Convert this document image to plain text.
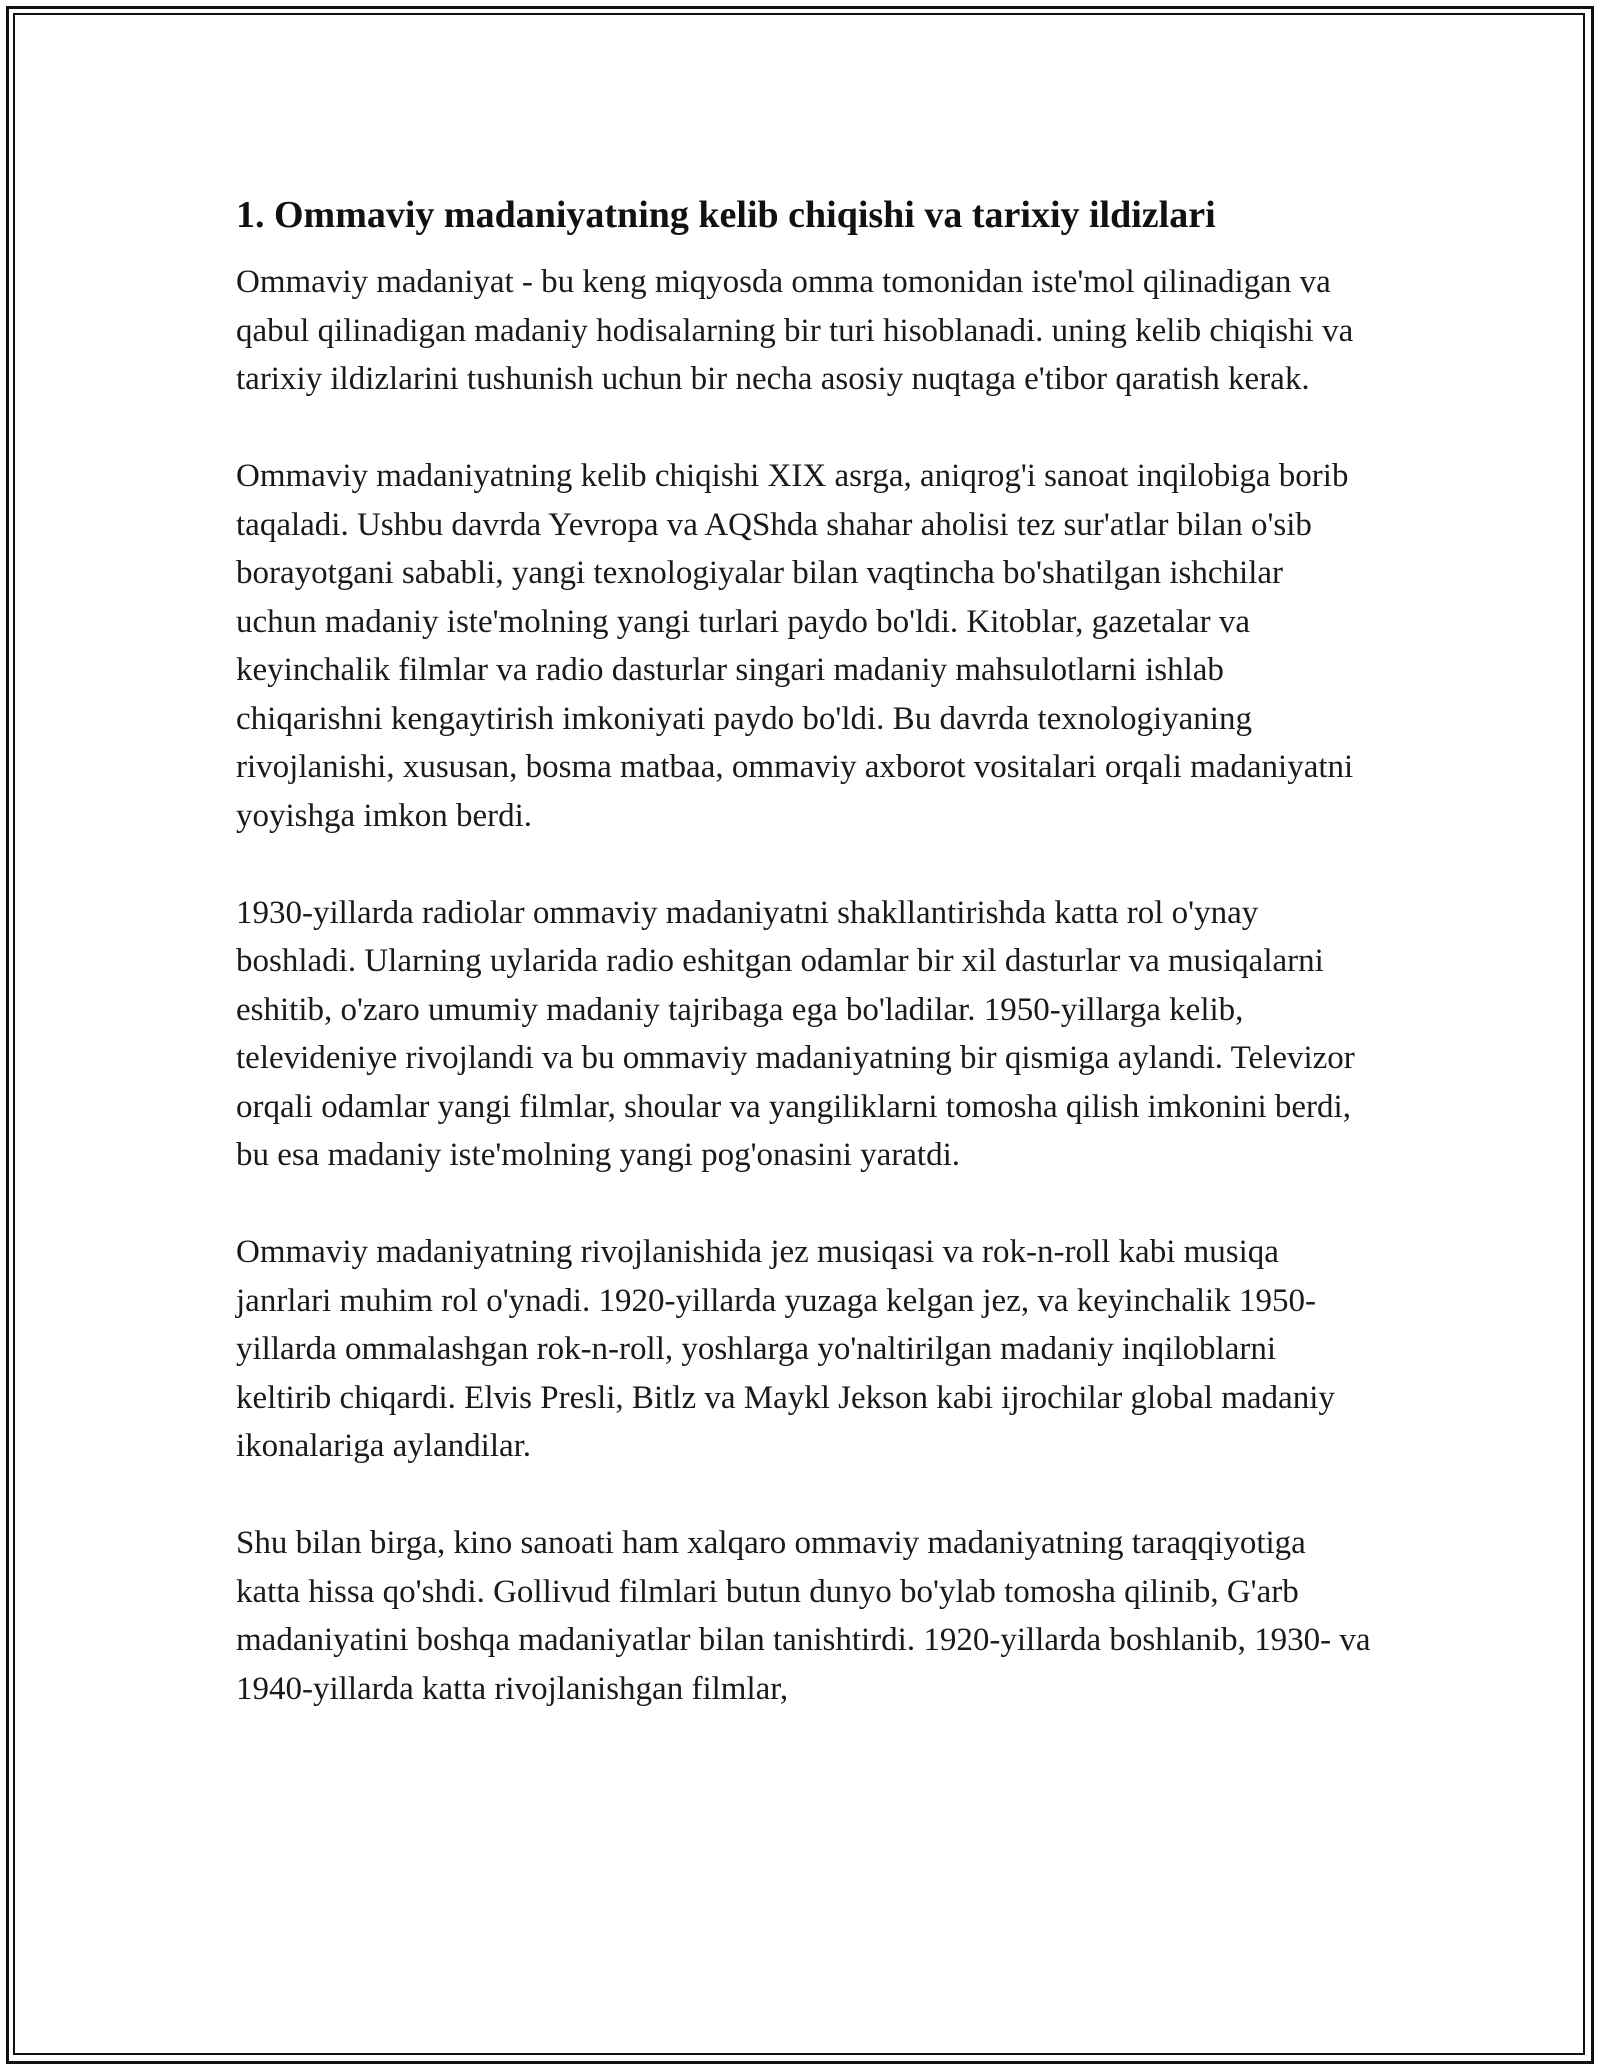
1. Ommaviy madaniyatning kelib chiqishi va tarixiy ildizlari

Ommaviy madaniyat - bu keng miqyosda omma tomonidan iste'mol qilinadigan va qabul qilinadigan madaniy hodisalarning bir turi hisoblanadi. uning kelib chiqishi va tarixiy ildizlarini tushunish uchun bir necha asosiy nuqtaga e'tibor qaratish kerak.

Ommaviy madaniyatning kelib chiqishi XIX asrga, aniqrog'i sanoat inqilobiga borib taqaladi. Ushbu davrda Yevropa va AQShda shahar aholisi tez sur'atlar bilan o'sib borayotgani sababli, yangi texnologiyalar bilan vaqtincha bo'shatilgan ishchilar uchun madaniy iste'molning yangi turlari paydo bo'ldi. Kitoblar, gazetalar va keyinchalik filmlar va radio dasturlar singari madaniy mahsulotlarni ishlab chiqarishni kengaytirish imkoniyati paydo bo'ldi. Bu davrda texnologiyaning rivojlanishi, xususan, bosma matbaa, ommaviy axborot vositalari orqali madaniyatni yoyishga imkon berdi.

1930-yillarda radiolar ommaviy madaniyatni shakllantirishda katta rol o'ynay boshladi. Ularning uylarida radio eshitgan odamlar bir xil dasturlar va musiqalarni eshitib, o'zaro umumiy madaniy tajribaga ega bo'ladilar. 1950-yillarga kelib, televideniye rivojlandi va bu ommaviy madaniyatning bir qismiga aylandi. Televizor orqali odamlar yangi filmlar, shoular va yangiliklarni tomosha qilish imkonini berdi, bu esa madaniy iste'molning yangi pog'onasini yaratdi.

Ommaviy madaniyatning rivojlanishida jez musiqasi va rok-n-roll kabi musiqa janrlari muhim rol o'ynadi. 1920-yillarda yuzaga kelgan jez, va keyinchalik 1950-yillarda ommalashgan rok-n-roll, yoshlarga yo'naltirilgan madaniy inqiloblarni keltirib chiqardi. Elvis Presli, Bitlz va Maykl Jekson kabi ijrochilar global madaniy ikonalariga aylandilar.

Shu bilan birga, kino sanoati ham xalqaro ommaviy madaniyatning taraqqiyotiga katta hissa qo'shdi. Gollivud filmlari butun dunyo bo'ylab tomosha qilinib, G'arb madaniyatini boshqa madaniyatlar bilan tanishtirdi. 1920-yillarda boshlanib, 1930- va 1940-yillarda katta rivojlanishgan filmlar,
